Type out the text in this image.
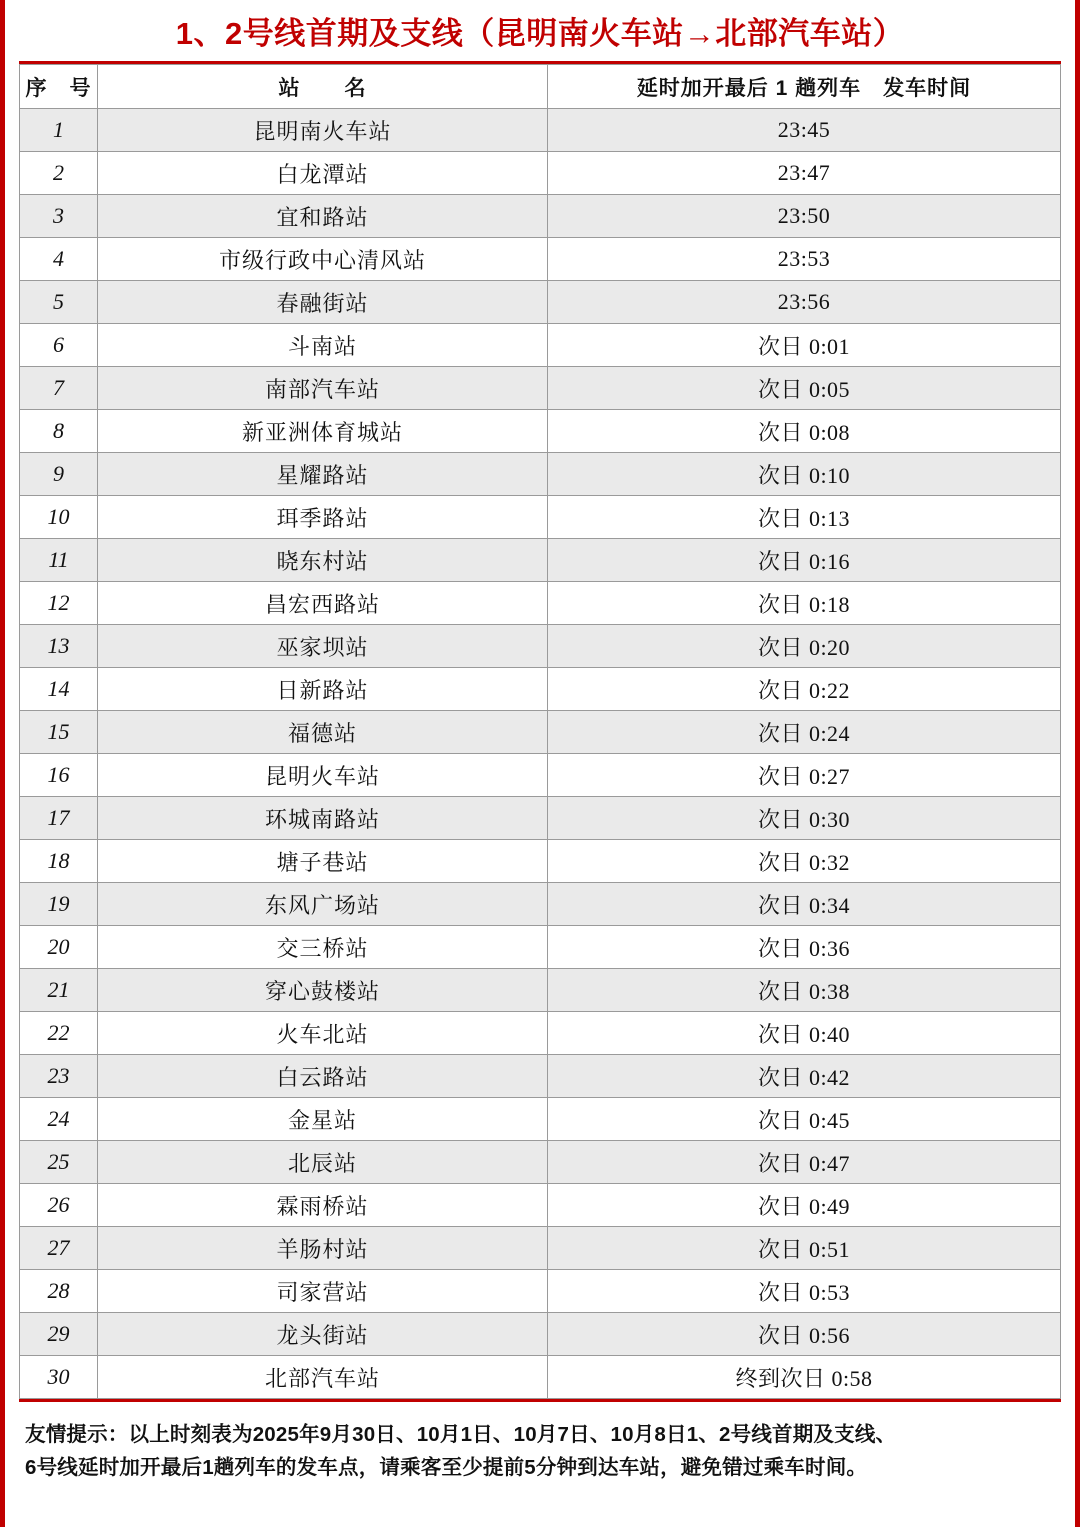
1、2号线首期及支线（昆明南火车站→北部汽车站）
序　号	站　　名	延时加开最后 1 趟列车　发车时间
1	昆明南火车站	23:45
2	白龙潭站	23:47
3	宜和路站	23:50
4	市级行政中心清风站	23:53
5	春融街站	23:56
6	斗南站	次日 0:01
7	南部汽车站	次日 0:05
8	新亚洲体育城站	次日 0:08
9	星耀路站	次日 0:10
10	珥季路站	次日 0:13
11	晓东村站	次日 0:16
12	昌宏西路站	次日 0:18
13	巫家坝站	次日 0:20
14	日新路站	次日 0:22
15	福德站	次日 0:24
16	昆明火车站	次日 0:27
17	环城南路站	次日 0:30
18	塘子巷站	次日 0:32
19	东风广场站	次日 0:34
20	交三桥站	次日 0:36
21	穿心鼓楼站	次日 0:38
22	火车北站	次日 0:40
23	白云路站	次日 0:42
24	金星站	次日 0:45
25	北辰站	次日 0:47
26	霖雨桥站	次日 0:49
27	羊肠村站	次日 0:51
28	司家营站	次日 0:53
29	龙头街站	次日 0:56
30	北部汽车站	终到次日 0:58
友情提示：以上时刻表为2025年9月30日、10月1日、10月7日、10月8日1、2号线首期及支线、
6号线延时加开最后1趟列车的发车点，请乘客至少提前5分钟到达车站，避免错过乘车时间。
